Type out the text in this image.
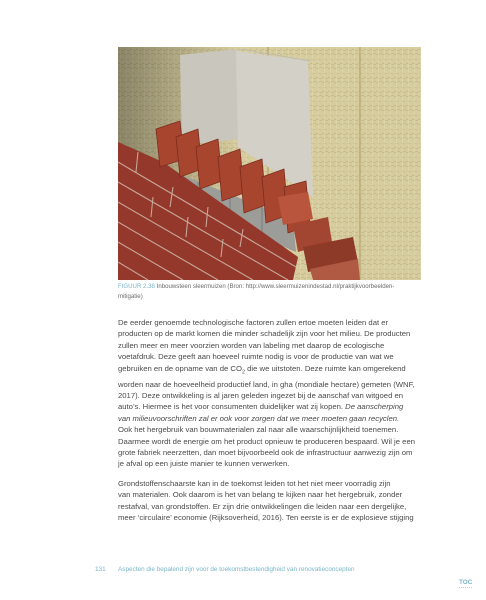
FIGUUR 2.38 Inbouwsteen sleermuizen (Bron: http://www.sleermuizenindestad.nl/praktijkvoorbeelden-
mitigatie)

De eerder genoemde technologische factoren zullen ertoe moeten leiden dat er
producten op de markt komen die minder schadelijk zijn voor het milieu. De producten
zullen meer en meer voorzien worden van labeling met daarop de ecologische
voetafdruk. Deze geeft aan hoeveel ruimte nodig is voor de productie van wat we
gebruiken en de opname van de $CO_2$ die we uitstoten. Deze ruimte kan omgerekend
worden naar de hoeveelheid productief land, in gha (mondiale hectare) gemeten (WNF,
2017). Deze ontwikkeling is al jaren geleden ingezet bij de aanschaf van witgoed en
auto’s. Hiermee is het voor consumenten duidelijker wat zij kopen. De aanscherping
van milieuvoorschriften zal er ook voor zorgen dat we meer moeten gaan recyclen.
Ook het hergebruik van bouwmaterialen zal naar alle waarschijnlijkheid toenemen.
Daarmee wordt de energie om het product opnieuw te produceren bespaard. Wil je een
grote fabriek neerzetten, dan moet bijvoorbeeld ook de infrastructuur aanwezig zijn om
je afval op een juiste manier te kunnen verwerken.

Grondstoffenschaarste kan in de toekomst leiden tot het niet meer voorradig zijn
van materialen. Ook daarom is het van belang te kijken naar het hergebruik, zonder
restafval, van grondstoffen. Er zijn drie ontwikkelingen die leiden naar een dergelijke,
meer ‘circulaire’ economie (Rijksoverheid, 2016). Ten eerste is er de explosieve stijging

131 Aspecten die bepalend zijn voor de toekomstbestendigheid van renovatieconcepten
TOC
